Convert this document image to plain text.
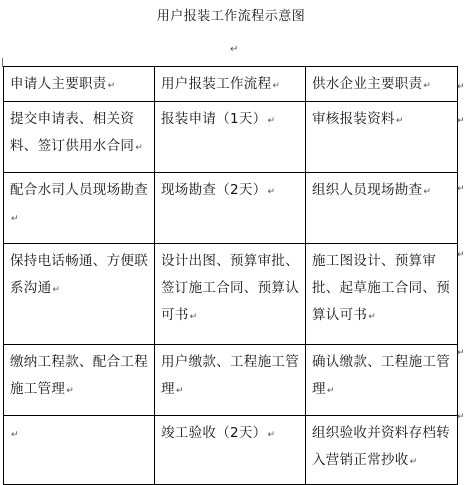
用户报装工作流程示意图
↵
申请人主要职责↵	用户报装工作流程↵	供水企业主要职责↵
提交申请表、相关资料、签订供用水合同↵	报装申请（1天）↵	审核报装资料↵
配合水司人员现场勘查↵	现场勘查（2天）↵	组织人员现场勘查↵
保持电话畅通、方便联系沟通↵	设计出图、预算审批、签订施工合同、预算认可书↵	施工图设计、预算审批、起草施工合同、预算认可书↵
缴纳工程款、配合工程施工管理↵	用户缴款、工程施工管理↵	确认缴款、工程施工管理↵
↵	竣工验收（2天）↵	组织验收并资料存档转入营销正常抄收↵
↵
↵
↵
↵
↵
↵
